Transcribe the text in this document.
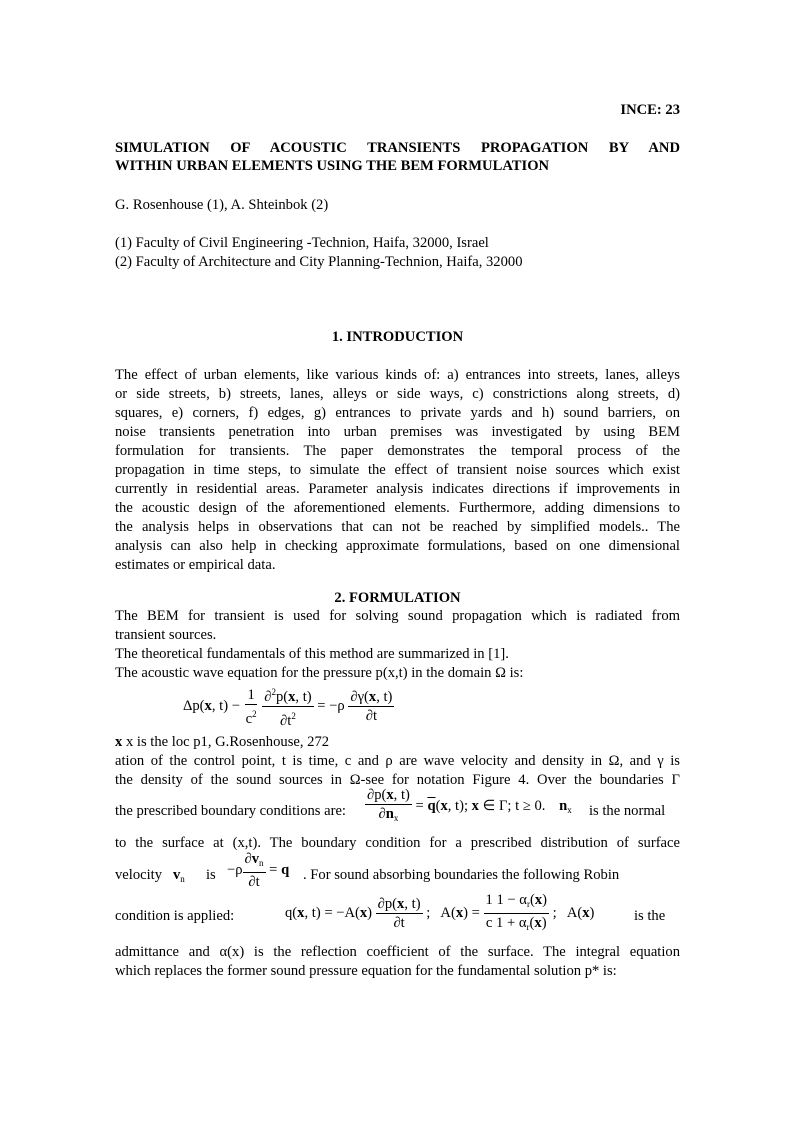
INCE: 23
SIMULATION OF ACOUSTIC TRANSIENTS PROPAGATION BY AND
WITHIN URBAN ELEMENTS USING THE BEM FORMULATION
G. Rosenhouse (1), A. Shteinbok (2)
(1) Faculty of Civil Engineering -Technion, Haifa, 32000, Israel
(2) Faculty of Architecture and City Planning-Technion, Haifa, 32000
1. INTRODUCTION
The effect of urban elements, like various kinds of: a) entrances into streets, lanes, alleys
or side streets, b) streets, lanes, alleys or side ways, c) constrictions along streets, d)
squares, e) corners, f) edges, g) entrances to private yards and h) sound barriers, on
noise transients penetration into urban premises was investigated by using BEM
formulation for transients. The paper demonstrates the temporal process of the
propagation in time steps, to simulate the effect of transient noise sources which exist
currently in residential areas. Parameter analysis indicates directions if improvements in
the acoustic design of the aforementioned elements. Furthermore, adding dimensions to
the analysis helps in observations that can not be reached by simplified models.. The
analysis can also help in checking approximate formulations, based on one dimensional
estimates or empirical data.
2. FORMULATION
The BEM for transient is used for solving sound propagation which is radiated from
transient sources.
The theoretical fundamentals of this method are summarized in [1].
The acoustic wave equation for the pressure p(x,t) in the domain Ω is:
Δp(x, $t) - \frac{1}{c^2}$
$\frac{\partial^2p(x, t)}{\partial t^2} = -\rho \frac{\partial\gamma(x, t)}{\partial t}$
x x is the loc p1, G.Rosenhouse, 272
ation of the control point, t is time, c and ρ are wave velocity and density in Ω, and γ is
the density of the sound sources in Ω-see for notation Figure 4. Over the boundaries Γ
the prescribed boundary conditions are: $\frac{\partial p(x, t)}{\partial n_x} = \overline{q}(x$, t); x ∈ Γ; t ≥ 0. $n_x$ is the normal
to the surface at (x,t). The boundary condition for a prescribed distribution of surface
velocity $v_n$ is $-\rho \frac{\partial v_n}{\partial t} = q$ . For sound absorbing boundaries the following Robin
condition is applied:	q(x, $t) = -A(x) \frac{\partial p(x, t)}{\partial t}$ ;   $A(x) = \frac{1 1 - \alpha_r(x)}{c 1 + \alpha_r(x)}$ ;   A(x)	is the
admittance and α(x) is the reflection coefficient of the surface. The integral equation
which replaces the former sound pressure equation for the fundamental solution p* is:
